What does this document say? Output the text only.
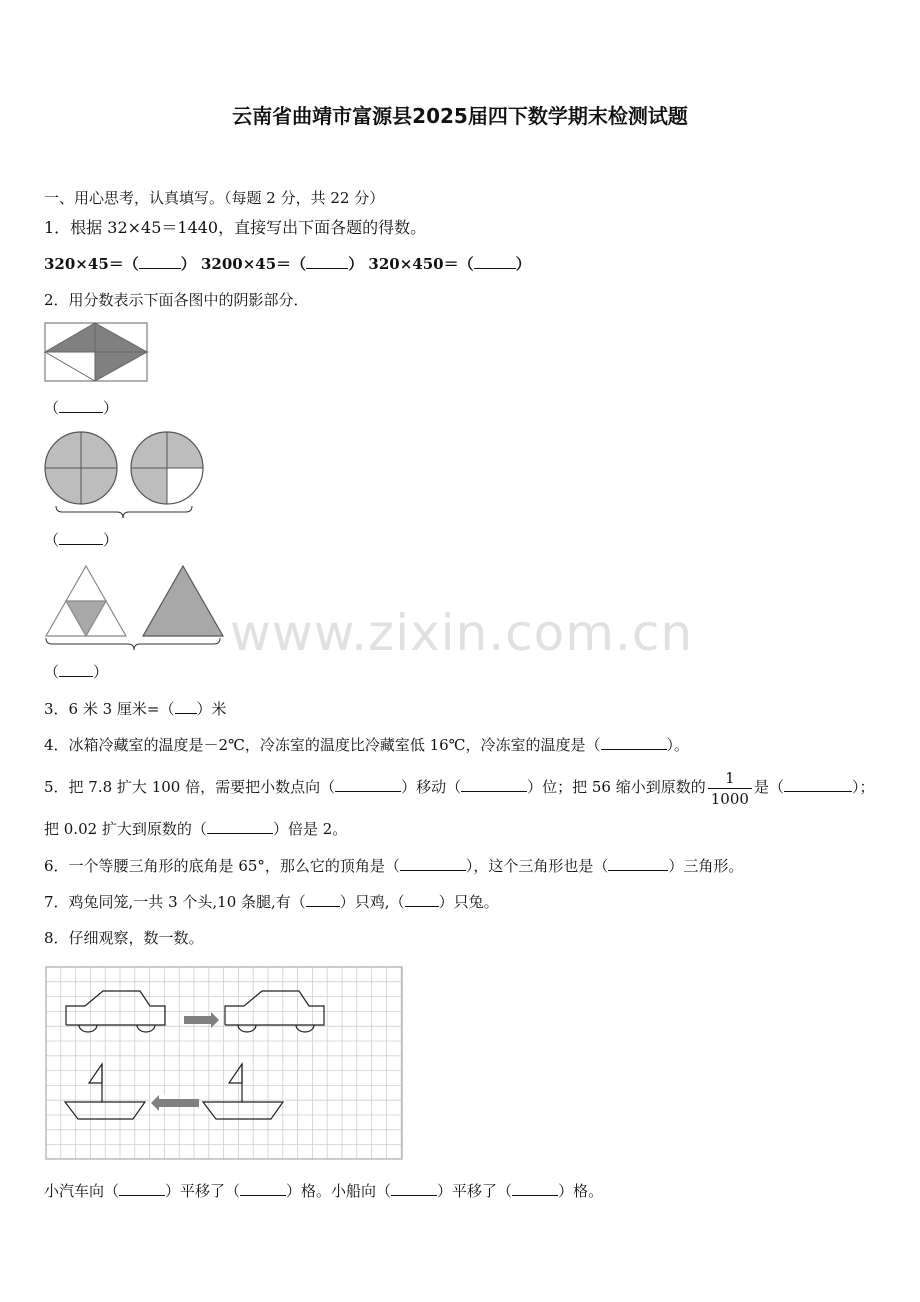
云南省曲靖市富源县2025届四下数学期末检测试题
一、用心思考，认真填写。（每题 2 分，共 22 分）
1．根据 32×45＝1440，直接写出下面各题的得数。
320×45＝（	） 3200×45＝（	） 320×450＝（	）
2．用分数表示下面各图中的阴影部分．
（	）
（	）
（ ）
www.zixin.com.cn
3．6 米 3 厘米=（ ）米
4．冰箱冷藏室的温度是－2℃，冷冻室的温度比冷藏室低 16℃，冷冻室的温度是（	）。
5．把 7.8 扩大 100 倍，需要把小数点向（	）移动（	）位；把 56 缩小到原数的 $\frac{1}{1000}$ 是（	）；
把 0.02 扩大到原数的（	）倍是 2。
6．一个等腰三角形的底角是 65°，那么它的顶角是（	），这个三角形也是（	）三角形。
7．鸡兔同笼,一共 3 个头,10 条腿,有（ ）只鸡,（ ）只兔。
8．仔细观察，数一数。
小汽车向（	）平移了（	）格。小船向（	）平移了（	）格。
